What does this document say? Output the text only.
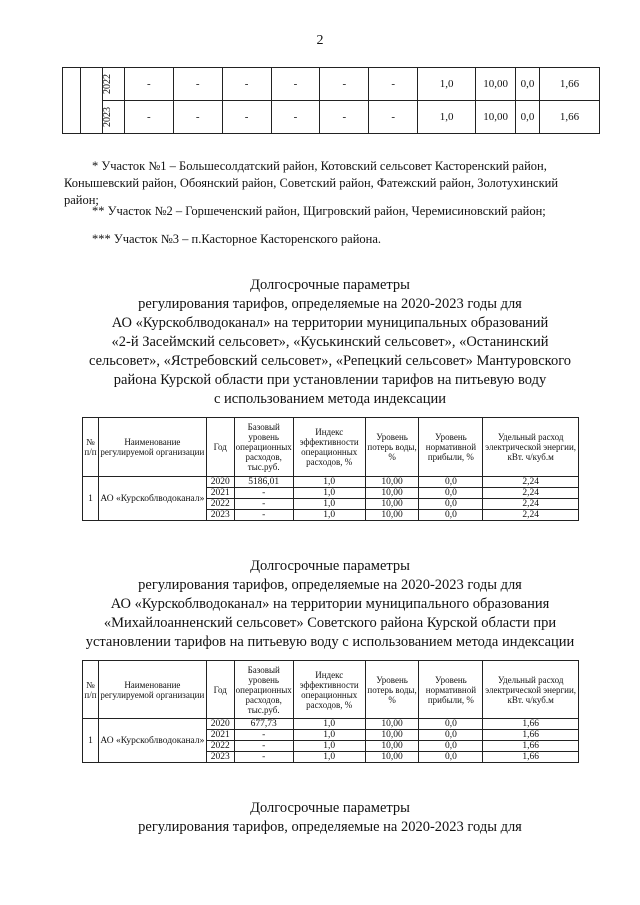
2

		2022	-	-	-	-	-	-	1,0	10,00	0,0	1,66

		2023	-	-	-	-	-	-	1,0	10,00	0,0	1,66
* Участок №1 – Большесолдатский район, Котовский сельсовет Касторенский район, Конышевский район, Обоянский район, Советский район, Фатежский район, Золотухинский район;
** Участок №2 – Горшеченский район, Щигровский район, Черемисиновский район;
*** Участок №3 – п.Касторное Касторенского района.
Долгосрочные параметры
регулирования тарифов, определяемые на 2020-2023 годы для
АО «Курскоблводоканал» на территории муниципальных образований
«2-й Засеймский сельсовет», «Куськинский сельсовет», «Останинский
сельсовет», «Ястребовский сельсовет», «Репецкий сельсовет» Мантуровского
района Курской области при установлении тарифов на питьевую воду
с использованием метода индексации
№ п/п	Наименование регулируемой организации	Год	Базовый уровень операционных расходов, тыс.руб.	Индекс эффективности операционных расходов, %	Уровень потерь воды, %	Уровень нормативной прибыли, %	Удельный расход электрической энергии, кВт. ч/куб.м
1	АО «Курскоблводоканал»	2020	5186,01	1,0	10,00	0,0	2,24
		2021	-	1,0	10,00	0,0	2,24
		2022	-	1,0	10,00	0,0	2,24
		2023	-	1,0	10,00	0,0	2,24
Долгосрочные параметры
регулирования тарифов, определяемые на 2020-2023 годы для
АО «Курскоблводоканал» на территории муниципального образования
«Михайлоанненский сельсовет» Советского района Курской области при
установлении тарифов на питьевую воду с использованием метода индексации
№ п/п	Наименование регулируемой организации	Год	Базовый уровень операционных расходов, тыс.руб.	Индекс эффективности операционных расходов, %	Уровень потерь воды, %	Уровень нормативной прибыли, %	Удельный расход электрической энергии, кВт. ч/куб.м
1	АО «Курскоблводоканал»	2020	677,73	1,0	10,00	0,0	1,66
		2021	-	1,0	10,00	0,0	1,66
		2022	-	1,0	10,00	0,0	1,66
		2023	-	1,0	10,00	0,0	1,66
Долгосрочные параметры
регулирования тарифов, определяемые на 2020-2023 годы для
